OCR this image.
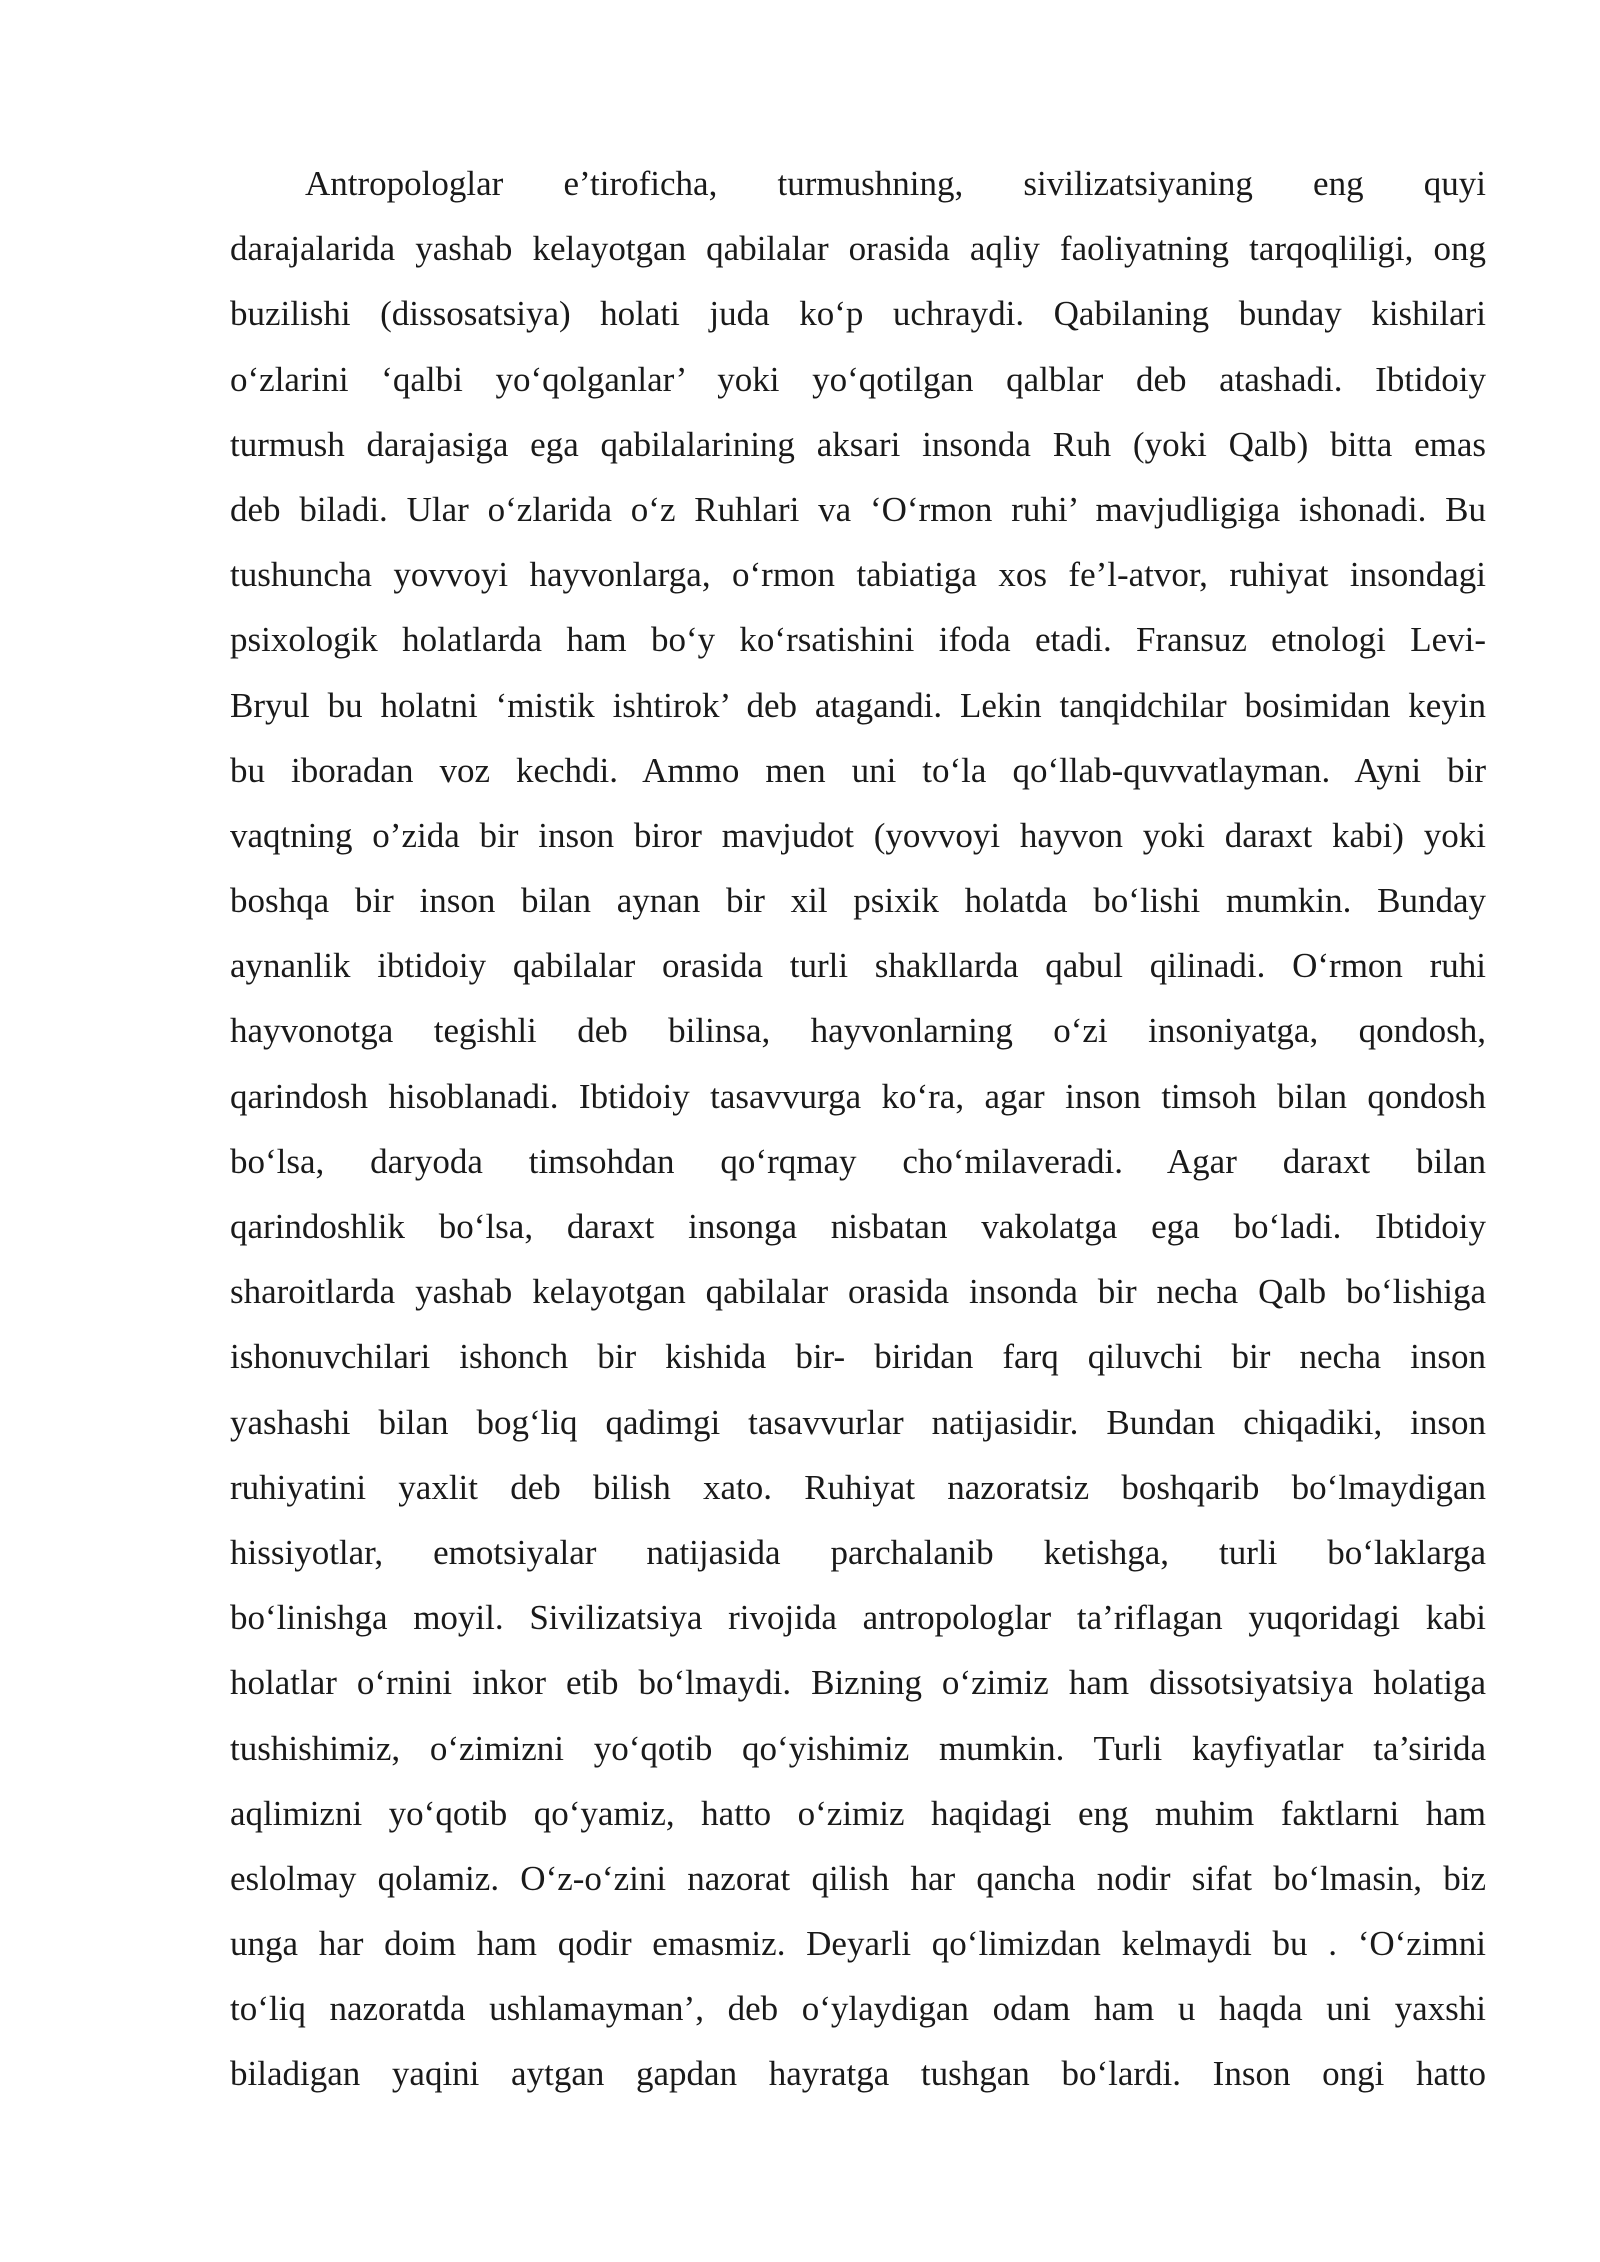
Antropologlar e’tiroficha, turmushning, sivilizatsiyaning eng quyi
darajalarida yashab kelayotgan qabilalar orasida aqliy faoliyatning tarqoqliligi, ong
buzilishi (dissosatsiya) holati juda ko‘p uchraydi. Qabilaning bunday kishilari
o‘zlarini ‘qalbi yo‘qolganlar’ yoki yo‘qotilgan qalblar deb atashadi. Ibtidoiy
turmush darajasiga ega qabilalarining aksari insonda Ruh (yoki Qalb) bitta emas
deb biladi. Ular o‘zlarida o‘z Ruhlari va ‘O‘rmon ruhi’ mavjudligiga ishonadi. Bu
tushuncha yovvoyi hayvonlarga, o‘rmon tabiatiga xos fe’l-atvor, ruhiyat insondagi
psixologik holatlarda ham bo‘y ko‘rsatishini ifoda etadi. Fransuz etnologi Levi-
Bryul bu holatni ‘mistik ishtirok’ deb atagandi. Lekin tanqidchilar bosimidan keyin
bu iboradan voz kechdi. Ammo men uni to‘la qo‘llab-quvvatlayman. Ayni bir
vaqtning o’zida bir inson biror mavjudot (yovvoyi hayvon yoki daraxt kabi) yoki
boshqa bir inson bilan aynan bir xil psixik holatda bo‘lishi mumkin. Bunday
aynanlik ibtidoiy qabilalar orasida turli shakllarda qabul qilinadi. O‘rmon ruhi
hayvonotga tegishli deb bilinsa, hayvonlarning o‘zi insoniyatga, qondosh,
qarindosh hisoblanadi. Ibtidoiy tasavvurga ko‘ra, agar inson timsoh bilan qondosh
bo‘lsa, daryoda timsohdan qo‘rqmay cho‘milaveradi. Agar daraxt bilan
qarindoshlik bo‘lsa, daraxt insonga nisbatan vakolatga ega bo‘ladi. Ibtidoiy
sharoitlarda yashab kelayotgan qabilalar orasida insonda bir necha Qalb bo‘lishiga
ishonuvchilari ishonch bir kishida bir- biridan farq qiluvchi bir necha inson
yashashi bilan bog‘liq qadimgi tasavvurlar natijasidir. Bundan chiqadiki, inson
ruhiyatini yaxlit deb bilish xato. Ruhiyat nazoratsiz boshqarib bo‘lmaydigan
hissiyotlar, emotsiyalar natijasida parchalanib ketishga, turli bo‘laklarga
bo‘linishga moyil. Sivilizatsiya rivojida antropologlar ta’riflagan yuqoridagi kabi
holatlar o‘rnini inkor etib bo‘lmaydi. Bizning o‘zimiz ham dissotsiyatsiya holatiga
tushishimiz, o‘zimizni yo‘qotib qo‘yishimiz mumkin. Turli kayfiyatlar ta’sirida
aqlimizni yo‘qotib qo‘yamiz, hatto o‘zimiz haqidagi eng muhim faktlarni ham
eslolmay qolamiz. O‘z-o‘zini nazorat qilish har qancha nodir sifat bo‘lmasin, biz
unga har doim ham qodir emasmiz. Deyarli qo‘limizdan kelmaydi bu . ‘O‘zimni
to‘liq nazoratda ushlamayman’, deb o‘ylaydigan odam ham u haqda uni yaxshi
biladigan yaqini aytgan gapdan hayratga tushgan bo‘lardi. Inson ongi hatto
